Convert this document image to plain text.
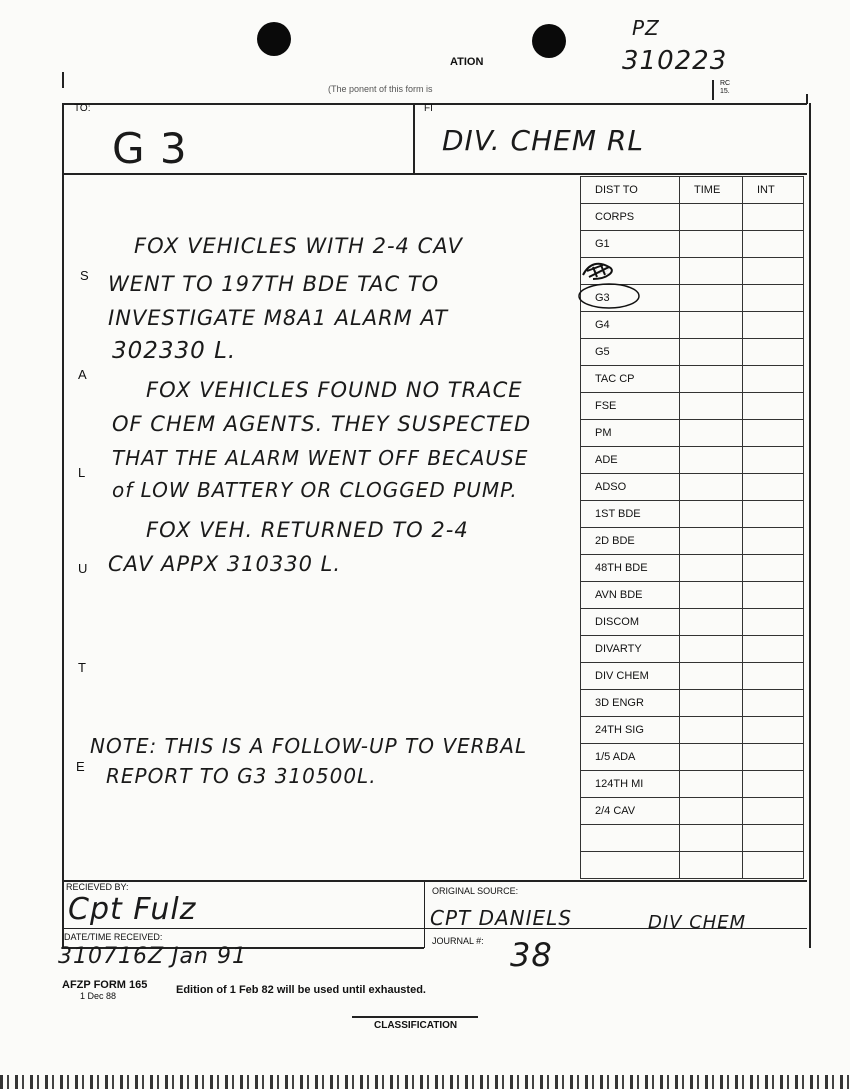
ATION
(The ponent of this form is
PZ
310223
RC
15.
TO:
G 3
FI
DIV. CHEM RL
S
A
L
U
T
E
FOX VEHICLES WITH 2-4 CAV
WENT TO 197TH BDE TAC TO
INVESTIGATE M8A1 ALARM AT
302330 L.
FOX VEHICLES FOUND NO TRACE
OF CHEM AGENTS. THEY SUSPECTED
THAT THE ALARM WENT OFF BECAUSE
of LOW BATTERY OR CLOGGED PUMP.
FOX VEH. RETURNED TO 2-4
CAV APPX 310330 L.
NOTE: THIS IS A FOLLOW-UP TO VERBAL
REPORT TO G3 310500L.
DIST TO	TIME	INT
CORPS		
G1		
G2

G3

G4		
G5		
TAC CP		
FSE		
PM		
ADE		
ADSO		
1ST BDE		
2D BDE		
48TH BDE		
AVN BDE		
DISCOM		
DIVARTY		
DIV CHEM		
3D ENGR		
24TH SIG		
1/5 ADA		
124TH MI		
2/4 CAV		

RECIEVED BY:
Cpt Fulz
DATE/TIME RECEIVED:
310716Z Jan 91
ORIGINAL SOURCE:
CPT DANIELS	DIV CHEM
JOURNAL #: 38
AFZP FORM 165	Edition of 1 Feb 82 will be used until exhausted.
1 Dec 88
CLASSIFICATION
